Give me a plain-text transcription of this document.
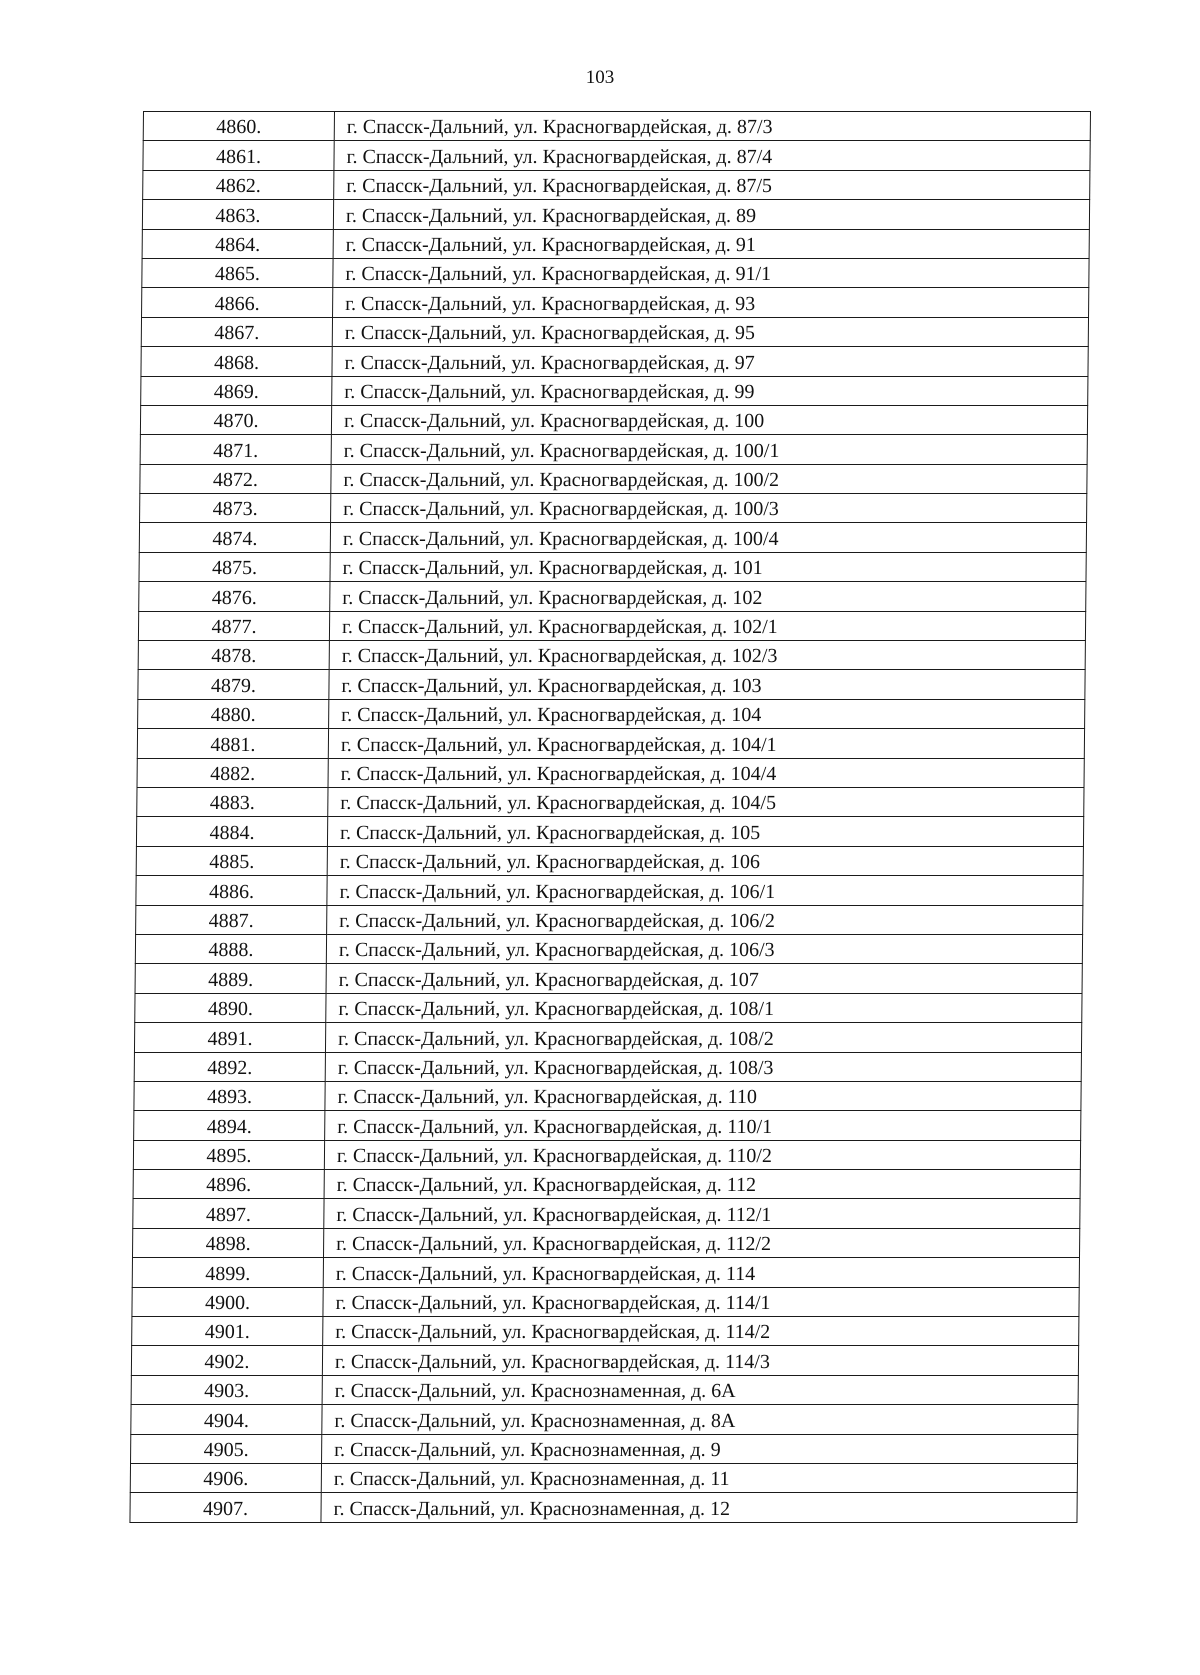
103
4860.	г. Спасск-Дальний, ул. Красногвардейская, д. 87/3
4861.	г. Спасск-Дальний, ул. Красногвардейская, д. 87/4
4862.	г. Спасск-Дальний, ул. Красногвардейская, д. 87/5
4863.	г. Спасск-Дальний, ул. Красногвардейская, д. 89
4864.	г. Спасск-Дальний, ул. Красногвардейская, д. 91
4865.	г. Спасск-Дальний, ул. Красногвардейская, д. 91/1
4866.	г. Спасск-Дальний, ул. Красногвардейская, д. 93
4867.	г. Спасск-Дальний, ул. Красногвардейская, д. 95
4868.	г. Спасск-Дальний, ул. Красногвардейская, д. 97
4869.	г. Спасск-Дальний, ул. Красногвардейская, д. 99
4870.	г. Спасск-Дальний, ул. Красногвардейская, д. 100
4871.	г. Спасск-Дальний, ул. Красногвардейская, д. 100/1
4872.	г. Спасск-Дальний, ул. Красногвардейская, д. 100/2
4873.	г. Спасск-Дальний, ул. Красногвардейская, д. 100/3
4874.	г. Спасск-Дальний, ул. Красногвардейская, д. 100/4
4875.	г. Спасск-Дальний, ул. Красногвардейская, д. 101
4876.	г. Спасск-Дальний, ул. Красногвардейская, д. 102
4877.	г. Спасск-Дальний, ул. Красногвардейская, д. 102/1
4878.	г. Спасск-Дальний, ул. Красногвардейская, д. 102/3
4879.	г. Спасск-Дальний, ул. Красногвардейская, д. 103
4880.	г. Спасск-Дальний, ул. Красногвардейская, д. 104
4881.	г. Спасск-Дальний, ул. Красногвардейская, д. 104/1
4882.	г. Спасск-Дальний, ул. Красногвардейская, д. 104/4
4883.	г. Спасск-Дальний, ул. Красногвардейская, д. 104/5
4884.	г. Спасск-Дальний, ул. Красногвардейская, д. 105
4885.	г. Спасск-Дальний, ул. Красногвардейская, д. 106
4886.	г. Спасск-Дальний, ул. Красногвардейская, д. 106/1
4887.	г. Спасск-Дальний, ул. Красногвардейская, д. 106/2
4888.	г. Спасск-Дальний, ул. Красногвардейская, д. 106/3
4889.	г. Спасск-Дальний, ул. Красногвардейская, д. 107
4890.	г. Спасск-Дальний, ул. Красногвардейская, д. 108/1
4891.	г. Спасск-Дальний, ул. Красногвардейская, д. 108/2
4892.	г. Спасск-Дальний, ул. Красногвардейская, д. 108/3
4893.	г. Спасск-Дальний, ул. Красногвардейская, д. 110
4894.	г. Спасск-Дальний, ул. Красногвардейская, д. 110/1
4895.	г. Спасск-Дальний, ул. Красногвардейская, д. 110/2
4896.	г. Спасск-Дальний, ул. Красногвардейская, д. 112
4897.	г. Спасск-Дальний, ул. Красногвардейская, д. 112/1
4898.	г. Спасск-Дальний, ул. Красногвардейская, д. 112/2
4899.	г. Спасск-Дальний, ул. Красногвардейская, д. 114
4900.	г. Спасск-Дальний, ул. Красногвардейская, д. 114/1
4901.	г. Спасск-Дальний, ул. Красногвардейская, д. 114/2
4902.	г. Спасск-Дальний, ул. Красногвардейская, д. 114/3
4903.	г. Спасск-Дальний, ул. Краснознаменная, д. 6А
4904.	г. Спасск-Дальний, ул. Краснознаменная, д. 8А
4905.	г. Спасск-Дальний, ул. Краснознаменная, д. 9
4906.	г. Спасск-Дальний, ул. Краснознаменная, д. 11
4907.	г. Спасск-Дальний, ул. Краснознаменная, д. 12
